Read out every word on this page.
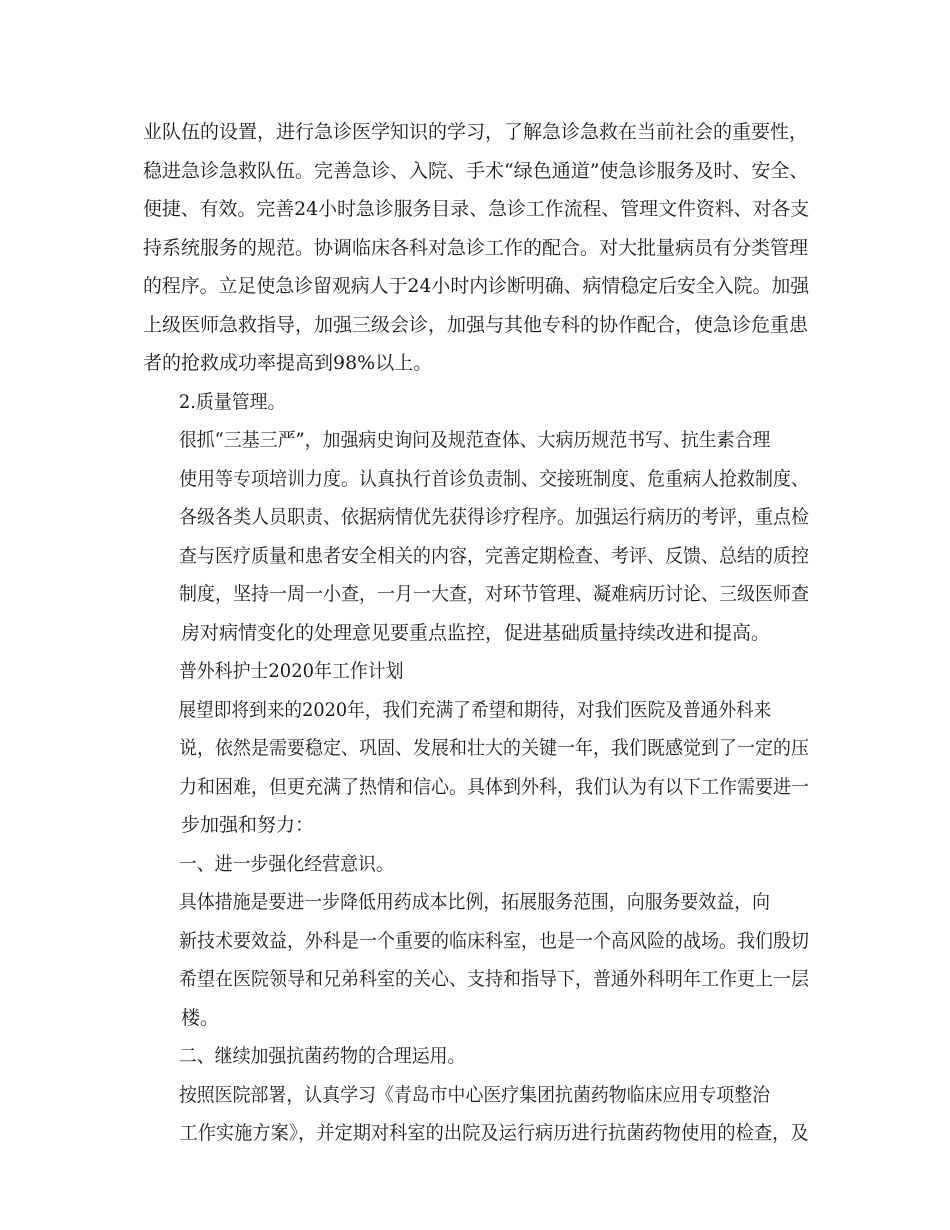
业队伍的设置，进行急诊医学知识的学习，了解急诊急救在当前社会的重要性，
稳进急诊急救队伍。完善急诊、入院、手术“绿色通道”使急诊服务及时、安全、
便捷、有效。完善24小时急诊服务目录、急诊工作流程、管理文件资料、对各支
持系统服务的规范。协调临床各科对急诊工作的配合。对大批量病员有分类管理
的程序。立足使急诊留观病人于24小时内诊断明确、病情稳定后安全入院。加强
上级医师急救指导，加强三级会诊，加强与其他专科的协作配合，使急诊危重患
者的抢救成功率提高到98%以上。
2.质量管理。
很抓“三基三严”，加强病史询问及规范查体、大病历规范书写、抗生素合理
使用等专项培训力度。认真执行首诊负责制、交接班制度、危重病人抢救制度、
各级各类人员职责、依据病情优先获得诊疗程序。加强运行病历的考评，重点检
查与医疗质量和患者安全相关的内容，完善定期检查、考评、反馈、总结的质控
制度，坚持一周一小查，一月一大查，对环节管理、凝难病历讨论、三级医师查
房对病情变化的处理意见要重点监控，促进基础质量持续改进和提高。
普外科护士2020年工作计划
展望即将到来的2020年，我们充满了希望和期待，对我们医院及普通外科来
说，依然是需要稳定、巩固、发展和壮大的关键一年，我们既感觉到了一定的压
力和困难，但更充满了热情和信心。具体到外科，我们认为有以下工作需要进一
步加强和努力：
一、进一步强化经营意识。
具体措施是要进一步降低用药成本比例，拓展服务范围，向服务要效益，向
新技术要效益，外科是一个重要的临床科室，也是一个高风险的战场。我们殷切
希望在医院领导和兄弟科室的关心、支持和指导下，普通外科明年工作更上一层
楼。
二、继续加强抗菌药物的合理运用。
按照医院部署，认真学习《青岛市中心医疗集团抗菌药物临床应用专项整治
工作实施方案》，并定期对科室的出院及运行病历进行抗菌药物使用的检查，及
